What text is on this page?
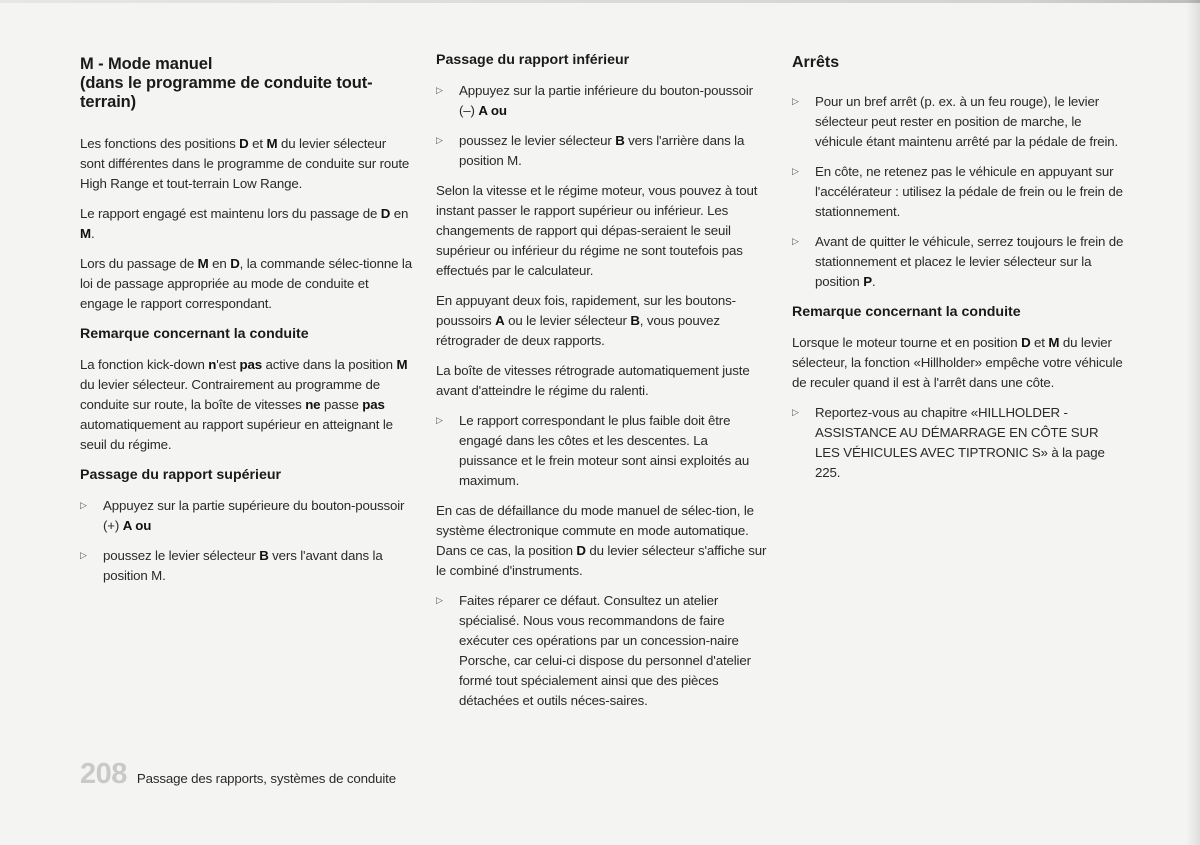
M - Mode manuel
(dans le programme de conduite tout-
terrain)

Les fonctions des positions D et M du levier sélecteur sont différentes dans le programme de conduite sur route High Range et tout-terrain Low Range.

Le rapport engagé est maintenu lors du passage de D en M.

Lors du passage de M en D, la commande sélec-tionne la loi de passage appropriée au mode de conduite et engage le rapport correspondant.

Remarque concernant la conduite

La fonction kick-down n'est pas active dans la position M du levier sélecteur. Contrairement au programme de conduite sur route, la boîte de vitesses ne passe pas automatiquement au rapport supérieur en atteignant le seuil du régime.

Passage du rapport supérieur

▷ Appuyez sur la partie supérieure du bouton-poussoir (+) A ou

▷ poussez le levier sélecteur B vers l'avant dans la position M.

Passage du rapport inférieur

▷ Appuyez sur la partie inférieure du bouton-poussoir (–) A ou

▷ poussez le levier sélecteur B vers l'arrière dans la position M.

Selon la vitesse et le régime moteur, vous pouvez à tout instant passer le rapport supérieur ou inférieur. Les changements de rapport qui dépas-seraient le seuil supérieur ou inférieur du régime ne sont toutefois pas effectués par le calculateur.

En appuyant deux fois, rapidement, sur les boutons-poussoirs A ou le levier sélecteur B, vous pouvez rétrograder de deux rapports.

La boîte de vitesses rétrograde automatiquement juste avant d'atteindre le régime du ralenti.

▷ Le rapport correspondant le plus faible doit être engagé dans les côtes et les descentes. La puissance et le frein moteur sont ainsi exploités au maximum.

En cas de défaillance du mode manuel de sélec-tion, le système électronique commute en mode automatique. Dans ce cas, la position D du levier sélecteur s'affiche sur le combiné d'instruments.

▷ Faites réparer ce défaut. Consultez un atelier spécialisé. Nous vous recommandons de faire exécuter ces opérations par un concession-naire Porsche, car celui-ci dispose du personnel d'atelier formé tout spécialement ainsi que des pièces détachées et outils néces-saires.

Arrêts

▷ Pour un bref arrêt (p. ex. à un feu rouge), le levier sélecteur peut rester en position de marche, le véhicule étant maintenu arrêté par la pédale de frein.

▷ En côte, ne retenez pas le véhicule en appuyant sur l'accélérateur : utilisez la pédale de frein ou le frein de stationnement.

▷ Avant de quitter le véhicule, serrez toujours le frein de stationnement et placez le levier sélecteur sur la position P.

Remarque concernant la conduite

Lorsque le moteur tourne et en position D et M du levier sélecteur, la fonction «Hillholder» empêche votre véhicule de reculer quand il est à l'arrêt dans une côte.

▷ Reportez-vous au chapitre «HILLHOLDER - ASSISTANCE AU DÉMARRAGE EN CÔTE SUR LES VÉHICULES AVEC TIPTRONIC S» à la page 225.

208 Passage des rapports, systèmes de conduite
